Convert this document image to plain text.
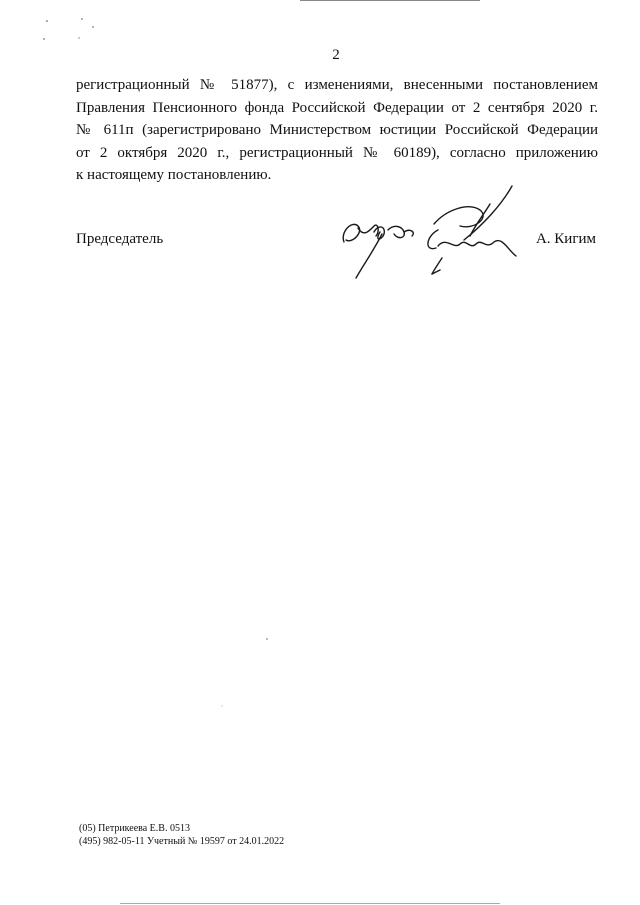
2
регистрационный № 51877), с изменениями, внесенными постановлением
Правления Пенсионного фонда Российской Федерации от 2 сентября 2020 г.
№ 611п (зарегистрировано Министерством юстиции Российской Федерации
от 2 октября 2020 г., регистрационный № 60189), согласно приложению
к настоящему постановлению.
Председатель	А. Кигим
(05) Петрикеева Е.В. 0513
(495) 982-05-11 Учетный № 19597 от 24.01.2022
